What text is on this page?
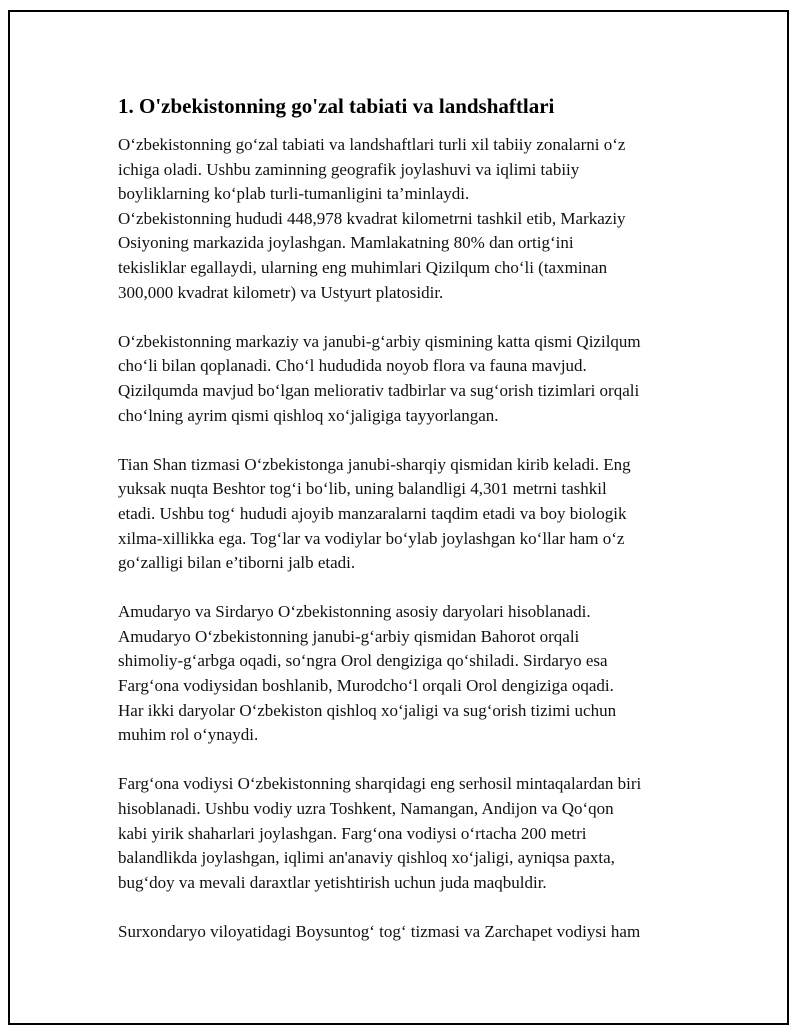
1. O'zbekistonning go'zal tabiati va landshaftlari
O‘zbekistonning go‘zal tabiati va landshaftlari turli xil tabiiy zonalarni o‘z
ichiga oladi. Ushbu zaminning geografik joylashuvi va iqlimi tabiiy
boyliklarning ko‘plab turli-tumanligini ta’minlaydi.
O‘zbekistonning hududi 448,978 kvadrat kilometrni tashkil etib, Markaziy
Osiyoning markazida joylashgan. Mamlakatning 80% dan ortig‘ini
tekisliklar egallaydi, ularning eng muhimlari Qizilqum cho‘li (taxminan
300,000 kvadrat kilometr) va Ustyurt platosidir.
O‘zbekistonning markaziy va janubi-g‘arbiy qismining katta qismi Qizilqum
cho‘li bilan qoplanadi. Cho‘l hududida noyob flora va fauna mavjud.
Qizilqumda mavjud bo‘lgan meliorativ tadbirlar va sug‘orish tizimlari orqali
cho‘lning ayrim qismi qishloq xo‘jaligiga tayyorlangan.
Tian Shan tizmasi O‘zbekistonga janubi-sharqiy qismidan kirib keladi. Eng
yuksak nuqta Beshtor tog‘i bo‘lib, uning balandligi 4,301 metrni tashkil
etadi. Ushbu tog‘ hududi ajoyib manzaralarni taqdim etadi va boy biologik
xilma-xillikka ega. Tog‘lar va vodiylar bo‘ylab joylashgan ko‘llar ham o‘z
go‘zalligi bilan e’tiborni jalb etadi.
Amudaryo va Sirdaryo O‘zbekistonning asosiy daryolari hisoblanadi.
Amudaryo O‘zbekistonning janubi-g‘arbiy qismidan Bahorot orqali
shimoliy-g‘arbga oqadi, so‘ngra Orol dengiziga qo‘shiladi. Sirdaryo esa
Farg‘ona vodiysidan boshlanib, Murodcho‘l orqali Orol dengiziga oqadi.
Har ikki daryolar O‘zbekiston qishloq xo‘jaligi va sug‘orish tizimi uchun
muhim rol o‘ynaydi.
Farg‘ona vodiysi O‘zbekistonning sharqidagi eng serhosil mintaqalardan biri
hisoblanadi. Ushbu vodiy uzra Toshkent, Namangan, Andijon va Qo‘qon
kabi yirik shaharlari joylashgan. Farg‘ona vodiysi o‘rtacha 200 metri
balandlikda joylashgan, iqlimi an'anaviy qishloq xo‘jaligi, ayniqsa paxta,
bug‘doy va mevali daraxtlar yetishtirish uchun juda maqbuldir.
Surxondaryo viloyatidagi Boysuntog‘ tog‘ tizmasi va Zarchapet vodiysi ham
